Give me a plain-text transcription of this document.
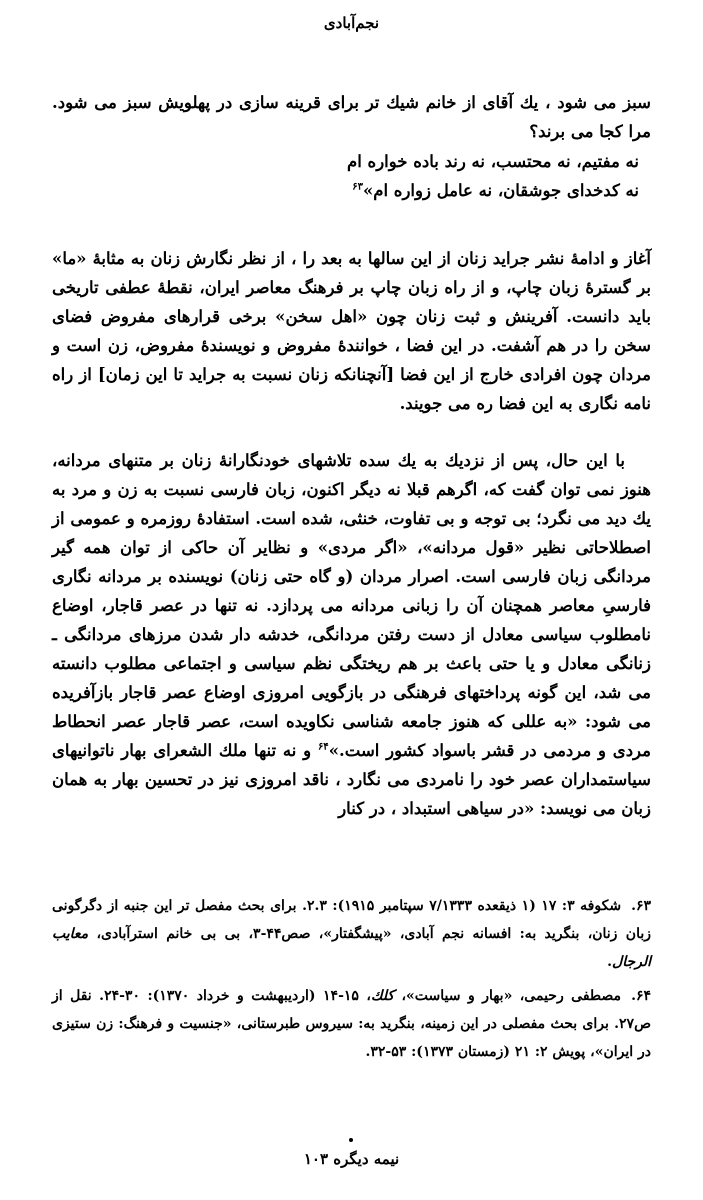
نجم‌آبادی

سبز می شود ، یك آقای از خانم شیك تر برای قرینه سازی در پهلویش سبز می شود. مرا كجا می برند؟

نه مفتیم، نه محتسب، نه رند باده خواره ام
نه كدخدای جوشقان، نه عامل زواره ام»$^{۶۳}$

آغاز و ادامهٔ نشر جراید زنان از این سالها به بعد را ، از نظر نگارش زنان به مثابهٔ «ما» بر گسترهٔ زبان چاپ، و از راه زبان چاپ بر فرهنگ معاصر ایران، نقطهٔ عطفی تاریخی باید دانست. آفرینش و ثبت زنان چون «اهل سخن» برخی قرارهای مفروض فضای سخن را در هم آشفت. در این فضا ، خوانندهٔ مفروض و نویسندهٔ مفروض، زن است و مردان چون افرادی خارج از این فضا [آنچنانکه زنان نسبت به جراید تا این زمان] از راه نامه نگاری به این فضا ره می جویند.

با این حال، پس از نزدیك به یك سده تلاشهای خودنگارانهٔ زنان بر متنهای مردانه، هنوز نمی توان گفت كه، اگرهم قبلا نه دیگر اكنون، زبان فارسی نسبت به زن و مرد به یك دید می نگرد؛ بی توجه و بی تفاوت، خنثی، شده است. استفادهٔ روزمره و عمومی از اصطلاحاتی نظیر «قول مردانه»، «اگر مردی» و نظایر آن حاكی از توان همه گیر مردانگی زبان فارسی است. اصرار مردان (و گاه حتی زنان) نویسنده بر مردانه نگاری فارسیِ معاصر همچنان آن را زبانی مردانه می پردازد. نه تنها در عصر قاجار، اوضاع نامطلوب سیاسی معادل از دست رفتن مردانگی، خدشه دار شدن مرزهای مردانگی ـ زنانگی معادل و یا حتی باعث بر هم ریختگی نظم سیاسی و اجتماعی مطلوب دانسته می شد، این گونه پرداختهای فرهنگی در بازگویی امروزی اوضاع عصر قاجار بازآفریده می شود: «به عللی كه هنوز جامعه شناسی نكاویده است، عصر قاجار عصر انحطاط مردی و مردمی در قشر باسواد كشور است.»$^{۶۴}$ و نه تنها ملك الشعرای بهار ناتوانیهای سیاستمداران عصر خود را نامردی می نگارد ، ناقد امروزی نیز در تحسین بهار به همان زبان می نویسد: «در سیاهی استبداد ، در كنار

۶۳.شكوفه ۳: ۱۷ (۱ ذیقعده ۷/۱۳۳۳ سپتامبر ۱۹۱۵): ۲.۳. برای بحث مفصل تر این جنبه از دگرگونی زبان زنان، بنگرید به: افسانه نجم آبادی، «پیشگفتار»، صص۴۴-۳، بی بی خانم استرآبادی، معایب الرجال.

۶۴.مصطفی رحیمی، «بهار و سیاست»، كلك، ۱۵-۱۴ (اردیبهشت و خرداد ۱۳۷۰): ۳۰-۲۴. نقل از ص۲۷. برای بحث مفصلی در این زمینه، بنگرید به: سیروس طبرستانی، «جنسیت و فرهنگ: زن ستیزی در ایران»، پویش ۲: ۲۱ (زمستان ۱۳۷۳): ۵۳-۳۲.

نیمه دیگره ۱۰۳
